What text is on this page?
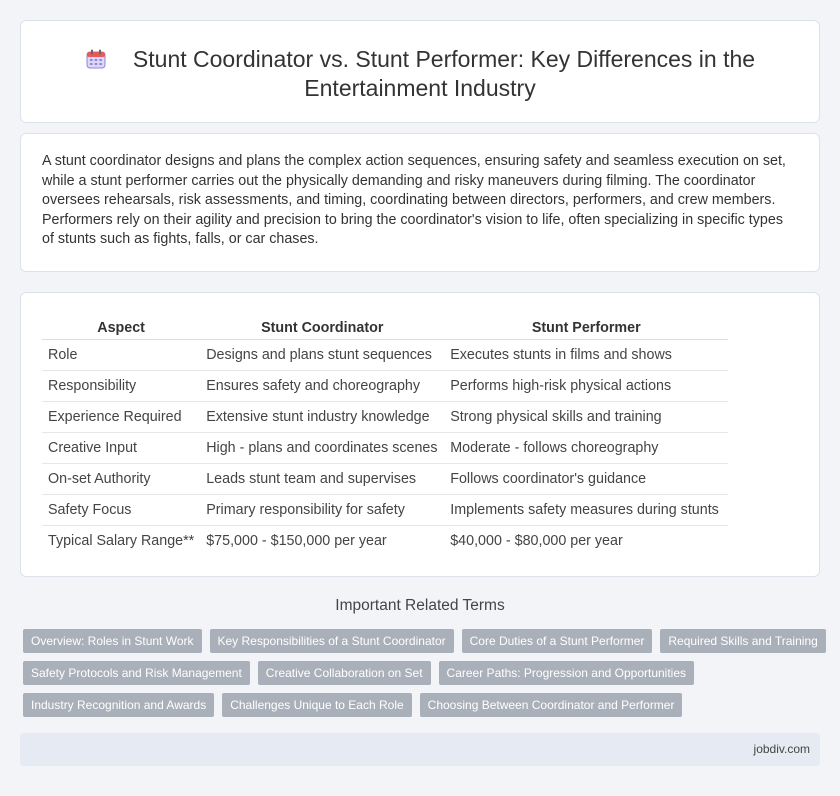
Stunt Coordinator vs. Stunt Performer: Key Differences in the Entertainment Industry

A stunt coordinator designs and plans the complex action sequences, ensuring safety and seamless execution on set, while a stunt performer carries out the physically demanding and risky maneuvers during filming. The coordinator oversees rehearsals, risk assessments, and timing, coordinating between directors, performers, and crew members. Performers rely on their agility and precision to bring the coordinator's vision to life, often specializing in specific types of stunts such as fights, falls, or car chases.

Aspect	Stunt Coordinator	Stunt Performer
Role	Designs and plans stunt sequences	Executes stunts in films and shows
Responsibility	Ensures safety and choreography	Performs high-risk physical actions
Experience Required	Extensive stunt industry knowledge	Strong physical skills and training
Creative Input	High - plans and coordinates scenes	Moderate - follows choreography
On-set Authority	Leads stunt team and supervises	Follows coordinator's guidance
Safety Focus	Primary responsibility for safety	Implements safety measures during stunts
Typical Salary Range**	$75,000 - $150,000 per year	$40,000 - $80,000 per year
Important Related Terms
Overview: Roles in Stunt Work	Key Responsibilities of a Stunt Coordinator	Core Duties of a Stunt Performer	Required Skills and Training
Safety Protocols and Risk Management	Creative Collaboration on Set	Career Paths: Progression and Opportunities
Industry Recognition and Awards	Challenges Unique to Each Role	Choosing Between Coordinator and Performer
jobdiv.com
